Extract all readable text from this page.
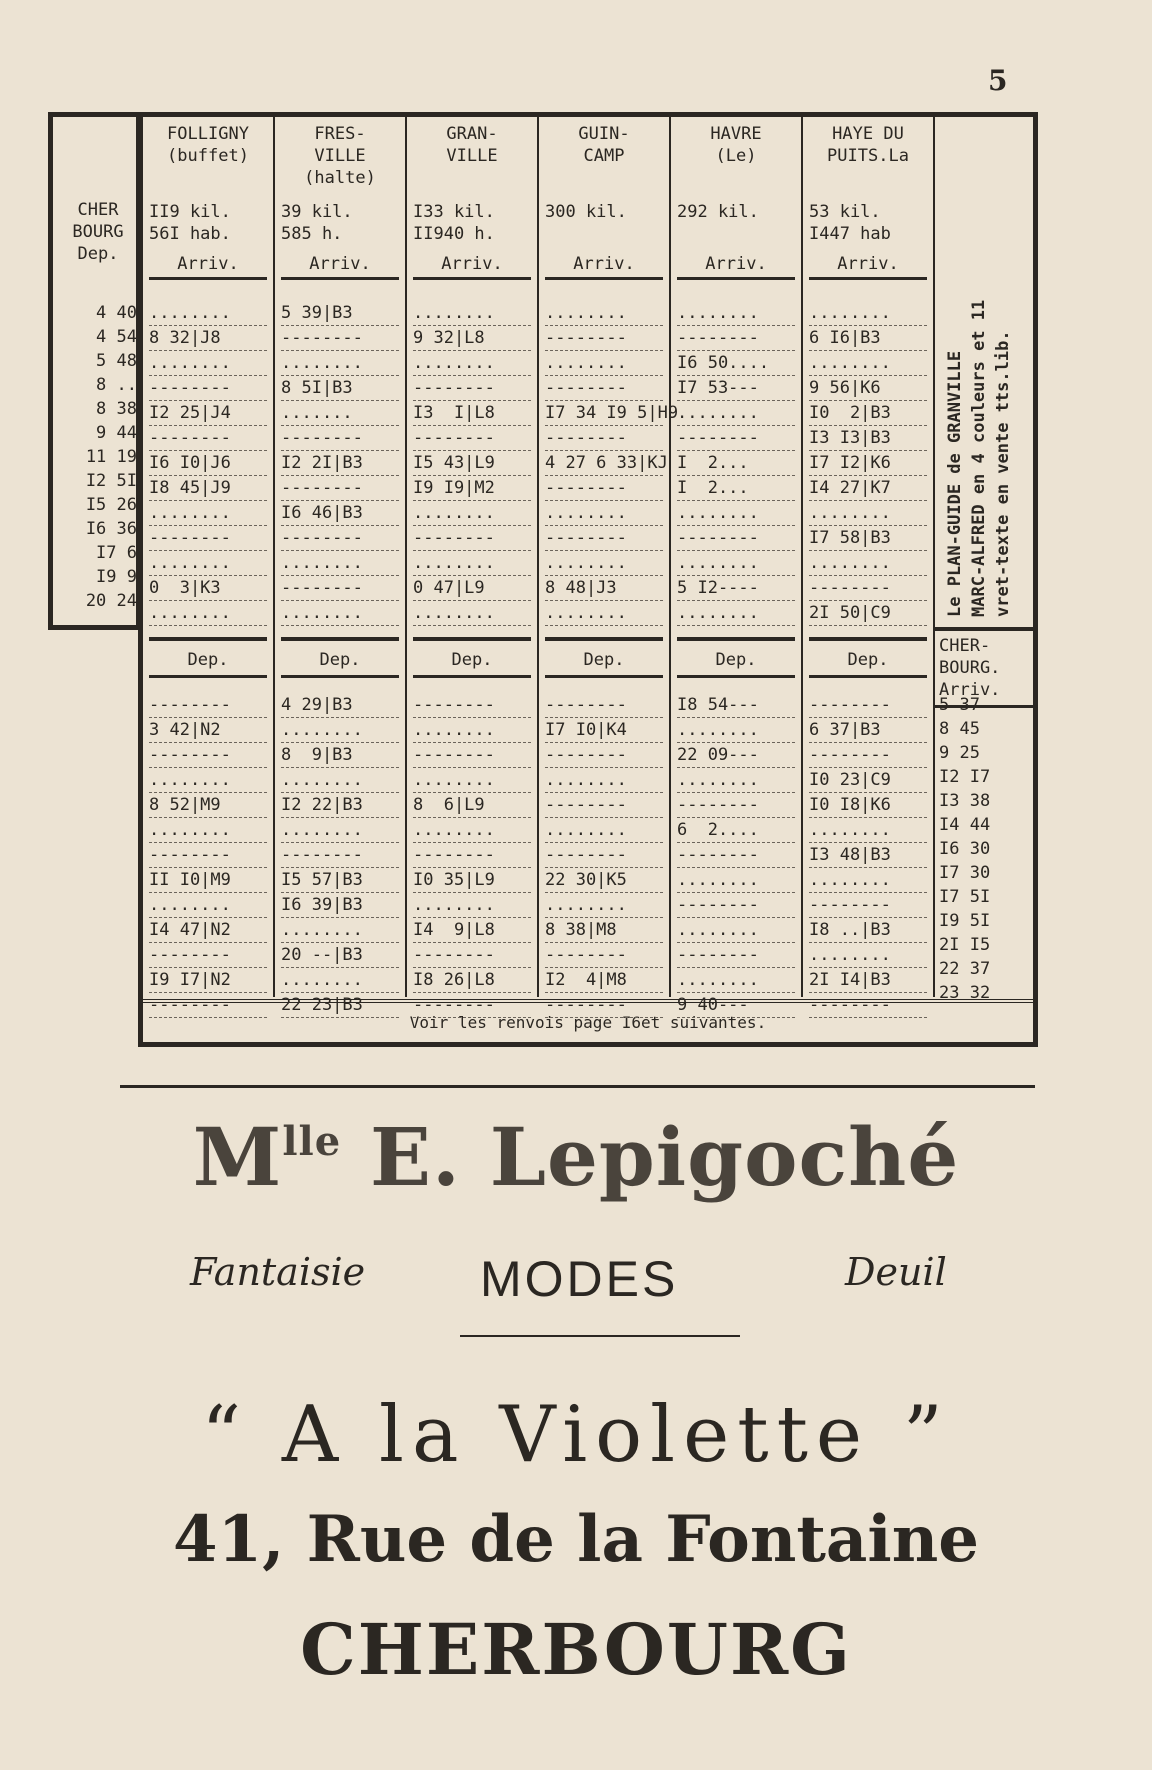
5
CHER
BOURG
Dep.
4 40
4 54
5 48
8 ..
8 38
9 44
11 19
I2 5I
I5 26
I6 36
I7 6
I9 9
20 24	Le PLAN-GUIDE de GRANVILLE MARC-ALFRED en 4 couleurs et 11 vret-texte en vente tts.lib.
CHER-
BOURG.
Arriv.
5 37
8 45
9 25
I2 I7
I3 38
I4 44
I6 30
I7 30
I7 5I
I9 5I
2I I5
22 37
23 32
Voir les renvois page I6et suivantes.
FOLLIGNY
(buffet)
II9 kil.
56I hab.
Arriv.
........
8 32|J8
........
--------
I2 25|J4
--------
I6 I0|J6
I8 45|J9
........
--------
........
0  3|K3
........
Dep.
--------
3 42|N2
--------
........
8 52|M9
........
--------
II I0|M9
........
I4 47|N2
--------
I9 I7|N2
--------
FRES-
VILLE
(halte)
39 kil.
585 h.
Arriv.
5 39|B3
--------
........
8 5I|B3
.......
--------
I2 2I|B3
--------
I6 46|B3
--------
........
--------
........
Dep.
4 29|B3
........
8  9|B3
........
I2 22|B3
........
--------
I5 57|B3
I6 39|B3
........
20 --|B3
........
22 23|B3
GRAN-
VILLE
I33 kil.
II940 h.
Arriv.
........
9 32|L8
........
--------
I3  I|L8
--------
I5 43|L9
I9 I9|M2
........
--------
........
0 47|L9
........
Dep.
--------
........
--------
........
8  6|L9
........
--------
I0 35|L9
........
I4  9|L8
--------
I8 26|L8
--------
GUIN-
CAMP
300 kil.
Arriv.
........
--------
........
--------
I7 34 I9 5|H9
--------
4 27 6 33|KJ
--------
........
--------
........
8 48|J3
........
Dep.
--------
I7 I0|K4
--------
........
--------
........
--------
22 30|K5
........
8 38|M8
--------
I2  4|M8
--------
HAVRE
(Le)
292 kil.
Arriv.
........
--------
I6 50....
I7 53---
........
--------
I  2...
I  2...
........
--------
........
5 I2----
........
Dep.
I8 54---
........
22 09---
........
--------
6  2....
--------
........
--------
........
--------
........
9 40---
HAYE DU
PUITS.La
53 kil.
I447 hab
Arriv.
........
6 I6|B3
........
9 56|K6
I0  2|B3
I3 I3|B3
I7 I2|K6
I4 27|K7
........
I7 58|B3
........
--------
2I 50|C9
Dep.
--------
6 37|B3
--------
I0 23|C9
I0 I8|K6
........
I3 48|B3
........
--------
I8 ..|B3
........
2I I4|B3
--------
$M^{lle}$ E. Lepigoché
Fantaisie MODES	Deuil
“ A la Violette ”
41, Rue de la Fontaine
CHERBOURG
